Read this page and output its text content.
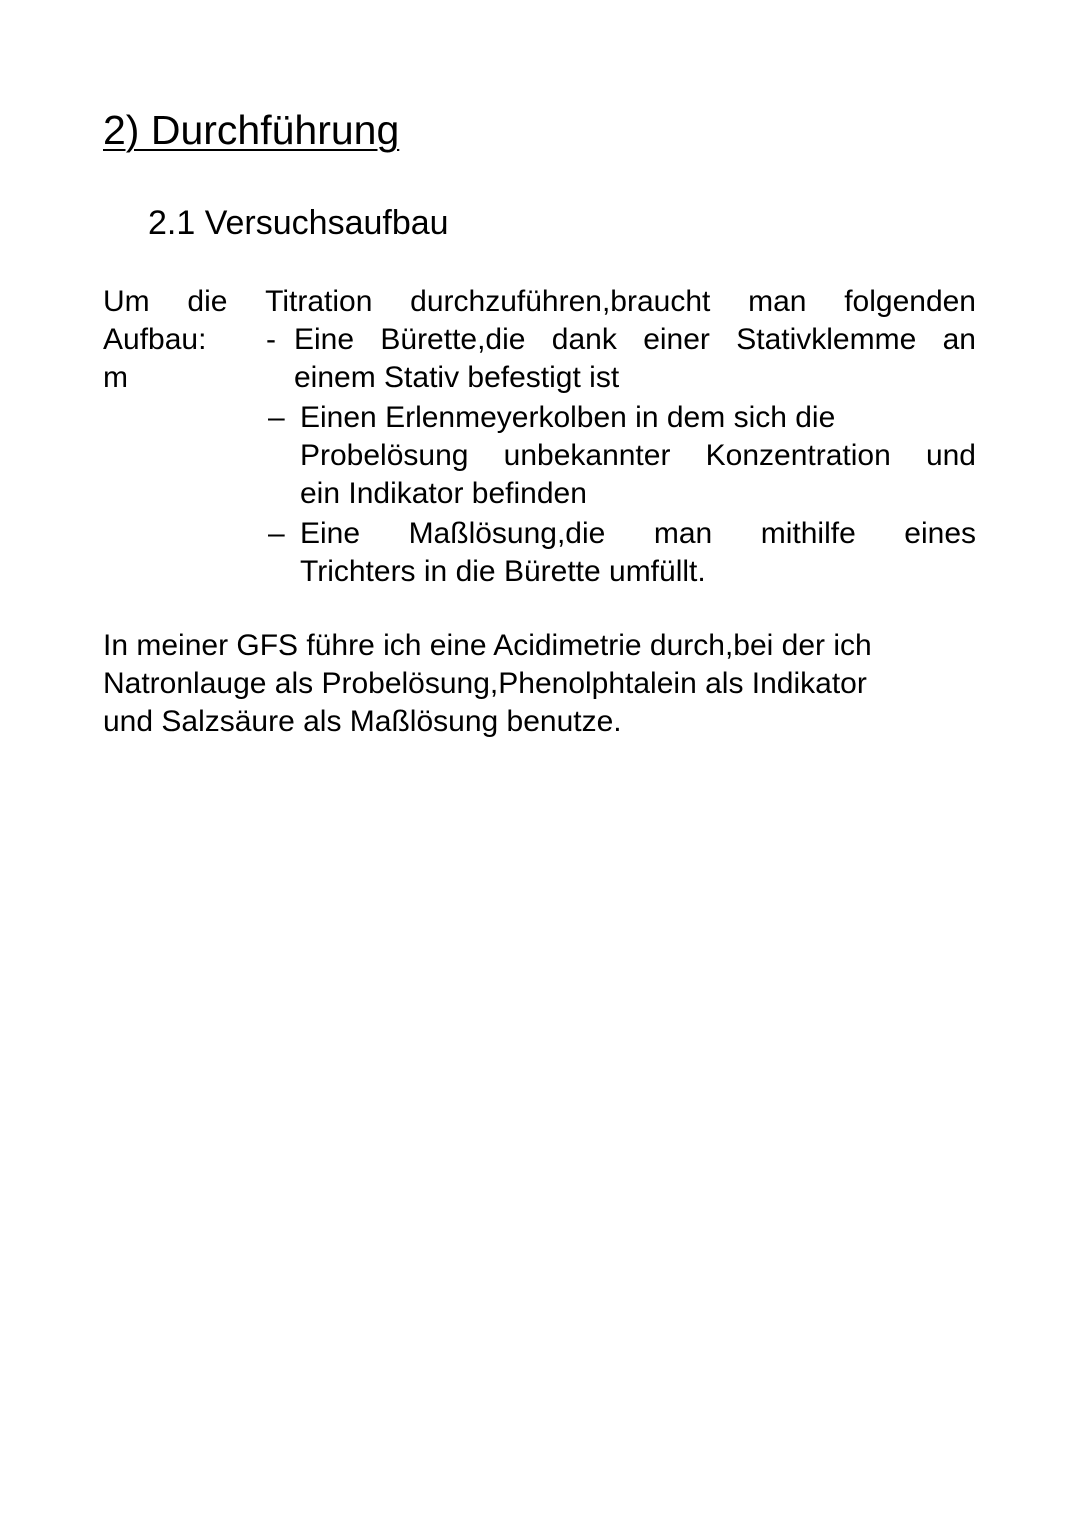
2) Durchführung
2.1 Versuchsaufbau
Um die Titration durchzuführen,braucht man folgenden
Aufbau:
m
- Eine Bürette,die dank einer Stativklemme an
einem Stativ befestigt ist
– Einen Erlenmeyerkolben in dem sich die
Probelösung unbekannter Konzentration und
ein Indikator befinden
– Eine Maßlösung,die man mithilfe eines
Trichters in die Bürette umfüllt.
In meiner GFS führe ich eine Acidimetrie durch,bei der ich
Natronlauge als Probelösung,Phenolphtalein als Indikator
und Salzsäure als Maßlösung benutze.
